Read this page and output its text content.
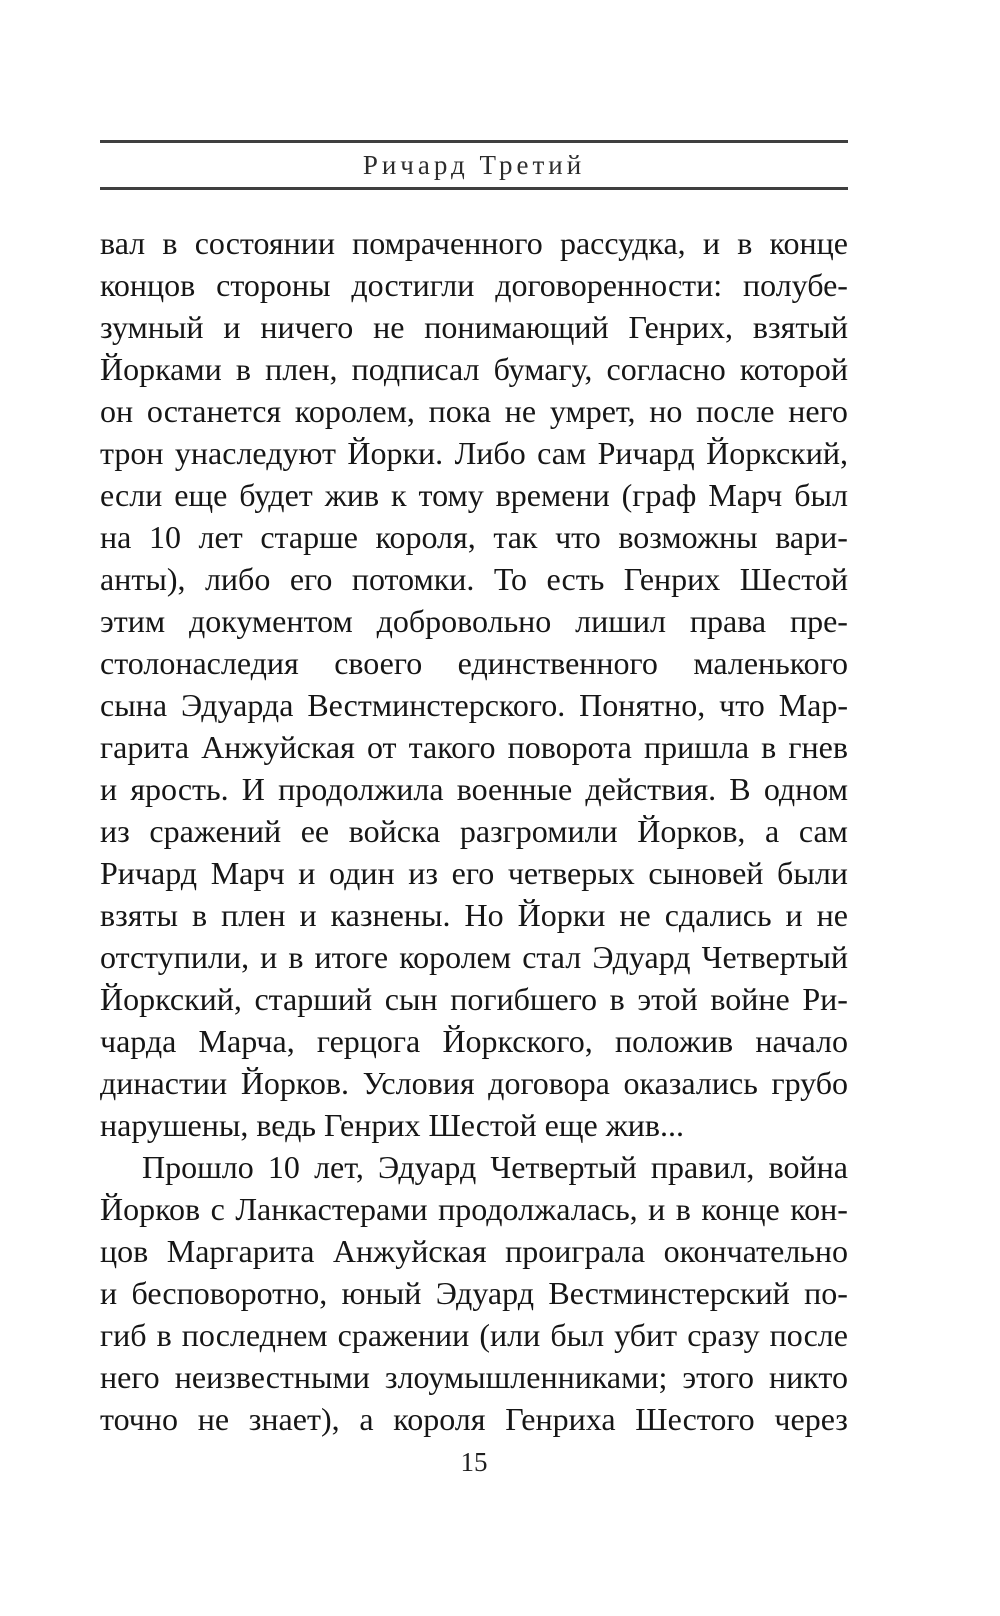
Ричард Третий
вал в состоянии помраченного рассудка, и в конце
концов стороны достигли договоренности: полубе-
зумный и ничего не понимающий Генрих, взятый
Йорками в плен, подписал бумагу, согласно которой
он останется королем, пока не умрет, но после него
трон унаследуют Йорки. Либо сам Ричард Йоркский,
если еще будет жив к тому времени (граф Марч был
на 10 лет старше короля, так что возможны вари-
анты), либо его потомки. То есть Генрих Шестой
этим документом добровольно лишил права пре-
столонаследия своего единственного маленького
сына Эдуарда Вестминстерского. Понятно, что Мар-
гарита Анжуйская от такого поворота пришла в гнев
и ярость. И продолжила военные действия. В одном
из сражений ее войска разгромили Йорков, а сам
Ричард Марч и один из его четверых сыновей были
взяты в плен и казнены. Но Йорки не сдались и не
отступили, и в итоге королем стал Эдуард Четвертый
Йоркский, старший сын погибшего в этой войне Ри-
чарда Марча, герцога Йоркского, положив начало
династии Йорков. Условия договора оказались грубо
нарушены, ведь Генрих Шестой еще жив...
Прошло 10 лет, Эдуард Четвертый правил, война
Йорков с Ланкастерами продолжалась, и в конце кон-
цов Маргарита Анжуйская проиграла окончательно
и бесповоротно, юный Эдуард Вестминстерский по-
гиб в последнем сражении (или был убит сразу после
него неизвестными злоумышленниками; этого никто
точно не знает), а короля Генриха Шестого через
15
